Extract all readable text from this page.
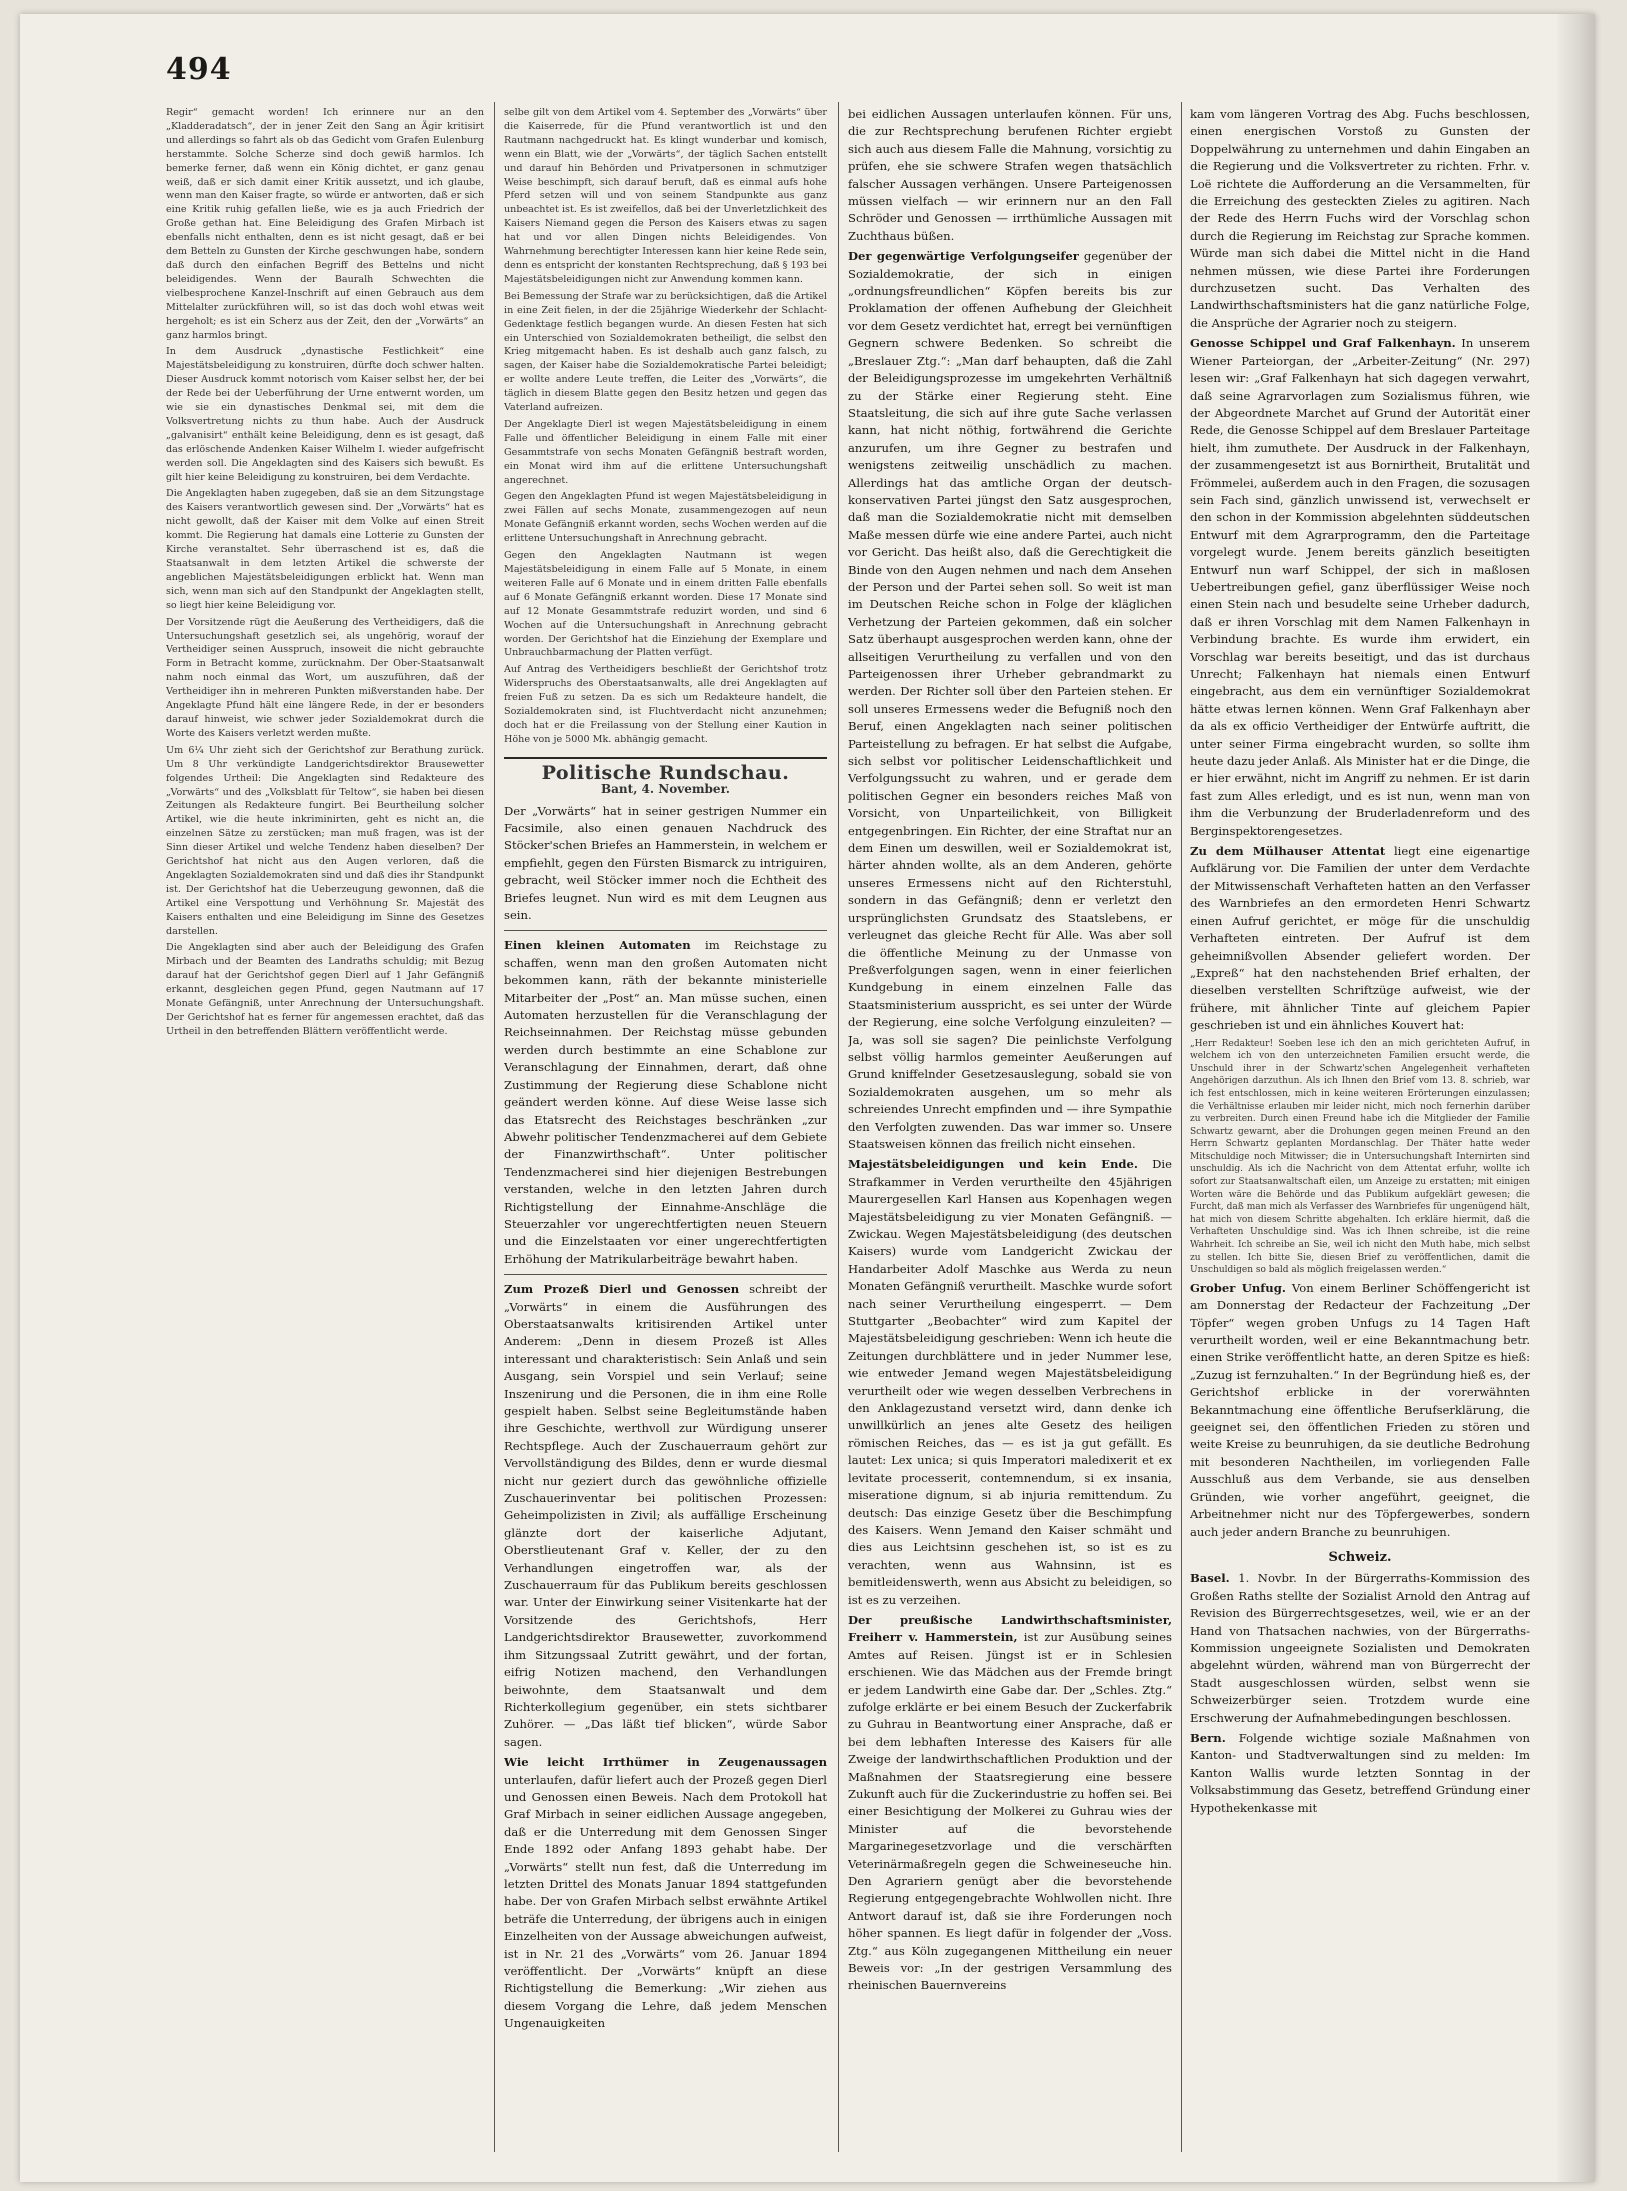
494

Regir“ gemacht worden! Ich erinnere nur an den „Kladderadatsch“, der in jener Zeit den Sang an Ägir kritisirt und allerdings so fahrt als ob das Gedicht vom Grafen Eulenburg herstammte. Solche Scherze sind doch gewiß harmlos. Ich bemerke ferner, daß wenn ein König dichtet, er ganz genau weiß, daß er sich damit einer Kritik aussetzt, und ich glaube, wenn man den Kaiser fragte, so würde er antworten, daß er sich eine Kritik ruhig gefallen ließe, wie es ja auch Friedrich der Große gethan hat. Eine Beleidigung des Grafen Mirbach ist ebenfalls nicht enthalten, denn es ist nicht gesagt, daß er bei dem Betteln zu Gunsten der Kirche geschwungen habe, sondern daß durch den einfachen Begriff des Bettelns und nicht beleidigendes. Wenn der Bauralh Schwechten die vielbesprochene Kanzel-Inschrift auf einen Gebrauch aus dem Mittelalter zurückführen will, so ist das doch wohl etwas weit hergeholt; es ist ein Scherz aus der Zeit, den der „Vorwärts“ an ganz harmlos bringt.

In dem Ausdruck „dynastische Festlichkeit“ eine Majestätsbeleidigung zu konstruiren, dürfte doch schwer halten. Dieser Ausdruck kommt notorisch vom Kaiser selbst her, der bei der Rede bei der Ueberführung der Urne entwernt worden, um wie sie ein dynastisches Denkmal sei, mit dem die Volksvertretung nichts zu thun habe. Auch der Ausdruck „galvanisirt“ enthält keine Beleidigung, denn es ist gesagt, daß das erlöschende Andenken Kaiser Wilhelm I. wieder aufgefrischt werden soll. Die Angeklagten sind des Kaisers sich bewußt. Es gilt hier keine Beleidigung zu konstruiren, bei dem Verdachte.

Die Angeklagten haben zugegeben, daß sie an dem Sitzungstage des Kaisers verantwortlich gewesen sind. Der „Vorwärts“ hat es nicht gewollt, daß der Kaiser mit dem Volke auf einen Streit kommt. Die Regierung hat damals eine Lotterie zu Gunsten der Kirche veranstaltet. Sehr überraschend ist es, daß die Staatsanwalt in dem letzten Artikel die schwerste der angeblichen Majestätsbeleidigungen erblickt hat. Wenn man sich, wenn man sich auf den Standpunkt der Angeklagten stellt, so liegt hier keine Beleidigung vor.

Der Vorsitzende rügt die Aeußerung des Vertheidigers, daß die Untersuchungshaft gesetzlich sei, als ungehörig, worauf der Vertheidiger seinen Ausspruch, insoweit die nicht gebrauchte Form in Betracht komme, zurücknahm. Der Ober-Staatsanwalt nahm noch einmal das Wort, um auszuführen, daß der Vertheidiger ihn in mehreren Punkten mißverstanden habe. Der Angeklagte Pfund hält eine längere Rede, in der er besonders darauf hinweist, wie schwer jeder Sozialdemokrat durch die Worte des Kaisers verletzt werden mußte.

Um 6¼ Uhr zieht sich der Gerichtshof zur Berathung zurück. Um 8 Uhr verkündigte Landgerichtsdirektor Brausewetter folgendes Urtheil: Die Angeklagten sind Redakteure des „Vorwärts“ und des „Volksblatt für Teltow“, sie haben bei diesen Zeitungen als Redakteure fungirt. Bei Beurtheilung solcher Artikel, wie die heute inkriminirten, geht es nicht an, die einzelnen Sätze zu zerstücken; man muß fragen, was ist der Sinn dieser Artikel und welche Tendenz haben dieselben? Der Gerichtshof hat nicht aus den Augen verloren, daß die Angeklagten Sozialdemokraten sind und daß dies ihr Standpunkt ist. Der Gerichtshof hat die Ueberzeugung gewonnen, daß die Artikel eine Verspottung und Verhöhnung Sr. Majestät des Kaisers enthalten und eine Beleidigung im Sinne des Gesetzes darstellen.

Die Angeklagten sind aber auch der Beleidigung des Grafen Mirbach und der Beamten des Landraths schuldig; mit Bezug darauf hat der Gerichtshof gegen Dierl auf 1 Jahr Gefängniß erkannt, desgleichen gegen Pfund, gegen Nautmann auf 17 Monate Gefängniß, unter Anrechnung der Untersuchungshaft. Der Gerichtshof hat es ferner für angemessen erachtet, daß das Urtheil in den betreffenden Blättern veröffentlicht werde.

selbe gilt von dem Artikel vom 4. September des „Vorwärts“ über die Kaiserrede, für die Pfund verantwortlich ist und den Rautmann nachgedruckt hat. Es klingt wunderbar und komisch, wenn ein Blatt, wie der „Vorwärts“, der täglich Sachen entstellt und darauf hin Behörden und Privatpersonen in schmutziger Weise beschimpft, sich darauf beruft, daß es einmal aufs hohe Pferd setzen will und von seinem Standpunkte aus ganz unbeachtet ist. Es ist zweifellos, daß bei der Unverletzlichkeit des Kaisers Niemand gegen die Person des Kaisers etwas zu sagen hat und vor allen Dingen nichts Beleidigendes. Von Wahrnehmung berechtigter Interessen kann hier keine Rede sein, denn es entspricht der konstanten Rechtsprechung, daß § 193 bei Majestätsbeleidigungen nicht zur Anwendung kommen kann.

Bei Bemessung der Strafe war zu berücksichtigen, daß die Artikel in eine Zeit fielen, in der die 25jährige Wiederkehr der Schlacht-Gedenktage festlich begangen wurde. An diesen Festen hat sich ein Unterschied von Sozialdemokraten betheiligt, die selbst den Krieg mitgemacht haben. Es ist deshalb auch ganz falsch, zu sagen, der Kaiser habe die Sozialdemokratische Partei beleidigt; er wollte andere Leute treffen, die Leiter des „Vorwärts“, die täglich in diesem Blatte gegen den Besitz hetzen und gegen das Vaterland aufreizen.

Der Angeklagte Dierl ist wegen Majestätsbeleidigung in einem Falle und öffentlicher Beleidigung in einem Falle mit einer Gesammtstrafe von sechs Monaten Gefängniß bestraft worden, ein Monat wird ihm auf die erlittene Untersuchungshaft angerechnet.

Gegen den Angeklagten Pfund ist wegen Majestätsbeleidigung in zwei Fällen auf sechs Monate, zusammengezogen auf neun Monate Gefängniß erkannt worden, sechs Wochen werden auf die erlittene Untersuchungshaft in Anrechnung gebracht.

Gegen den Angeklagten Nautmann ist wegen Majestätsbeleidigung in einem Falle auf 5 Monate, in einem weiteren Falle auf 6 Monate und in einem dritten Falle ebenfalls auf 6 Monate Gefängniß erkannt worden. Diese 17 Monate sind auf 12 Monate Gesammtstrafe reduzirt worden, und sind 6 Wochen auf die Untersuchungshaft in Anrechnung gebracht worden. Der Gerichtshof hat die Einziehung der Exemplare und Unbrauchbarmachung der Platten verfügt.

Auf Antrag des Vertheidigers beschließt der Gerichtshof trotz Widerspruchs des Oberstaatsanwalts, alle drei Angeklagten auf freien Fuß zu setzen. Da es sich um Redakteure handelt, die Sozialdemokraten sind, ist Fluchtverdacht nicht anzunehmen; doch hat er die Freilassung von der Stellung einer Kaution in Höhe von je 5000 Mk. abhängig gemacht.

Politische Rundschau.
Bant, 4. November.

Der „Vorwärts“ hat in seiner gestrigen Nummer ein Facsimile, also einen genauen Nachdruck des Stöcker'schen Briefes an Hammerstein, in welchem er empfiehlt, gegen den Fürsten Bismarck zu intriguiren, gebracht, weil Stöcker immer noch die Echtheit des Briefes leugnet. Nun wird es mit dem Leugnen aus sein.

Einen kleinen Automaten im Reichstage zu schaffen, wenn man den großen Automaten nicht bekommen kann, räth der bekannte ministerielle Mitarbeiter der „Post“ an. Man müsse suchen, einen Automaten herzustellen für die Veranschlagung der Reichseinnahmen. Der Reichstag müsse gebunden werden durch bestimmte an eine Schablone zur Veranschlagung der Einnahmen, derart, daß ohne Zustimmung der Regierung diese Schablone nicht geändert werden könne. Auf diese Weise lasse sich das Etatsrecht des Reichstages beschränken „zur Abwehr politischer Tendenzmacherei auf dem Gebiete der Finanzwirthschaft“. Unter politischer Tendenzmacherei sind hier diejenigen Bestrebungen verstanden, welche in den letzten Jahren durch Richtigstellung der Einnahme-Anschläge die Steuerzahler vor ungerechtfertigten neuen Steuern und die Einzelstaaten vor einer ungerechtfertigten Erhöhung der Matrikularbeiträge bewahrt haben.

Zum Prozeß Dierl und Genossen schreibt der „Vorwärts“ in einem die Ausführungen des Oberstaatsanwalts kritisirenden Artikel unter Anderem: „Denn in diesem Prozeß ist Alles interessant und charakteristisch: Sein Anlaß und sein Ausgang, sein Vorspiel und sein Verlauf; seine Inszenirung und die Personen, die in ihm eine Rolle gespielt haben. Selbst seine Begleitumstände haben ihre Geschichte, werthvoll zur Würdigung unserer Rechtspflege. Auch der Zuschauerraum gehört zur Vervollständigung des Bildes, denn er wurde diesmal nicht nur geziert durch das gewöhnliche offizielle Zuschauerinventar bei politischen Prozessen: Geheimpolizisten in Zivil; als auffällige Erscheinung glänzte dort der kaiserliche Adjutant, Oberstlieutenant Graf v. Keller, der zu den Verhandlungen eingetroffen war, als der Zuschauerraum für das Publikum bereits geschlossen war. Unter der Einwirkung seiner Visitenkarte hat der Vorsitzende des Gerichtshofs, Herr Landgerichtsdirektor Brausewetter, zuvorkommend ihm Sitzungssaal Zutritt gewährt, und der fortan, eifrig Notizen machend, den Verhandlungen beiwohnte, dem Staatsanwalt und dem Richterkollegium gegenüber, ein stets sichtbarer Zuhörer. — „Das läßt tief blicken“, würde Sabor sagen.

Wie leicht Irrthümer in Zeugenaussagen unterlaufen, dafür liefert auch der Prozeß gegen Dierl und Genossen einen Beweis. Nach dem Protokoll hat Graf Mirbach in seiner eidlichen Aussage angegeben, daß er die Unterredung mit dem Genossen Singer Ende 1892 oder Anfang 1893 gehabt habe. Der „Vorwärts“ stellt nun fest, daß die Unterredung im letzten Drittel des Monats Januar 1894 stattgefunden habe. Der von Grafen Mirbach selbst erwähnte Artikel beträfe die Unterredung, der übrigens auch in einigen Einzelheiten von der Aussage abweichungen aufweist, ist in Nr. 21 des „Vorwärts“ vom 26. Januar 1894 veröffentlicht. Der „Vorwärts“ knüpft an diese Richtigstellung die Bemerkung: „Wir ziehen aus diesem Vorgang die Lehre, daß jedem Menschen Ungenauigkeiten

bei eidlichen Aussagen unterlaufen können. Für uns, die zur Rechtsprechung berufenen Richter ergiebt sich auch aus diesem Falle die Mahnung, vorsichtig zu prüfen, ehe sie schwere Strafen wegen thatsächlich falscher Aussagen verhängen. Unsere Parteigenossen müssen vielfach — wir erinnern nur an den Fall Schröder und Genossen — irrthümliche Aussagen mit Zuchthaus büßen.

Der gegenwärtige Verfolgungseifer gegenüber der Sozialdemokratie, der sich in einigen „ordnungsfreundlichen“ Köpfen bereits bis zur Proklamation der offenen Aufhebung der Gleichheit vor dem Gesetz verdichtet hat, erregt bei vernünftigen Gegnern schwere Bedenken. So schreibt die „Breslauer Ztg.“: „Man darf behaupten, daß die Zahl der Beleidigungsprozesse im umgekehrten Verhältniß zu der Stärke einer Regierung steht. Eine Staatsleitung, die sich auf ihre gute Sache verlassen kann, hat nicht nöthig, fortwährend die Gerichte anzurufen, um ihre Gegner zu bestrafen und wenigstens zeitweilig unschädlich zu machen. Allerdings hat das amtliche Organ der deutsch-konservativen Partei jüngst den Satz ausgesprochen, daß man die Sozialdemokratie nicht mit demselben Maße messen dürfe wie eine andere Partei, auch nicht vor Gericht. Das heißt also, daß die Gerechtigkeit die Binde von den Augen nehmen und nach dem Ansehen der Person und der Partei sehen soll. So weit ist man im Deutschen Reiche schon in Folge der kläglichen Verhetzung der Parteien gekommen, daß ein solcher Satz überhaupt ausgesprochen werden kann, ohne der allseitigen Verurtheilung zu verfallen und von den Parteigenossen ihrer Urheber gebrandmarkt zu werden. Der Richter soll über den Parteien stehen. Er soll unseres Ermessens weder die Befugniß noch den Beruf, einen Angeklagten nach seiner politischen Parteistellung zu befragen. Er hat selbst die Aufgabe, sich selbst vor politischer Leidenschaftlichkeit und Verfolgungssucht zu wahren, und er gerade dem politischen Gegner ein besonders reiches Maß von Vorsicht, von Unparteilichkeit, von Billigkeit entgegenbringen. Ein Richter, der eine Straftat nur an dem Einen um deswillen, weil er Sozialdemokrat ist, härter ahnden wollte, als an dem Anderen, gehörte unseres Ermessens nicht auf den Richterstuhl, sondern in das Gefängniß; denn er verletzt den ursprünglichsten Grundsatz des Staatslebens, er verleugnet das gleiche Recht für Alle. Was aber soll die öffentliche Meinung zu der Unmasse von Preßverfolgungen sagen, wenn in einer feierlichen Kundgebung in einem einzelnen Falle das Staatsministerium ausspricht, es sei unter der Würde der Regierung, eine solche Verfolgung einzuleiten? — Ja, was soll sie sagen? Die peinlichste Verfolgung selbst völlig harmlos gemeinter Aeußerungen auf Grund kniffelnder Gesetzesauslegung, sobald sie von Sozialdemokraten ausgehen, um so mehr als schreiendes Unrecht empfinden und — ihre Sympathie den Verfolgten zuwenden. Das war immer so. Unsere Staatsweisen können das freilich nicht einsehen.

Majestätsbeleidigungen und kein Ende. Die Strafkammer in Verden verurtheilte den 45jährigen Maurergesellen Karl Hansen aus Kopenhagen wegen Majestätsbeleidigung zu vier Monaten Gefängniß. — Zwickau. Wegen Majestätsbeleidigung (des deutschen Kaisers) wurde vom Landgericht Zwickau der Handarbeiter Adolf Maschke aus Werda zu neun Monaten Gefängniß verurtheilt. Maschke wurde sofort nach seiner Verurtheilung eingesperrt. — Dem Stuttgarter „Beobachter“ wird zum Kapitel der Majestätsbeleidigung geschrieben: Wenn ich heute die Zeitungen durchblättere und in jeder Nummer lese, wie entweder Jemand wegen Majestätsbeleidigung verurtheilt oder wie wegen desselben Verbrechens in den Anklagezustand versetzt wird, dann denke ich unwillkürlich an jenes alte Gesetz des heiligen römischen Reiches, das — es ist ja gut gefällt. Es lautet: Lex unica; si quis Imperatori maledixerit et ex levitate processerit, contemnendum, si ex insania, miseratione dignum, si ab injuria remittendum. Zu deutsch: Das einzige Gesetz über die Beschimpfung des Kaisers. Wenn Jemand den Kaiser schmäht und dies aus Leichtsinn geschehen ist, so ist es zu verachten, wenn aus Wahnsinn, ist es bemitleidenswerth, wenn aus Absicht zu beleidigen, so ist es zu verzeihen.

Der preußische Landwirthschaftsminister, Freiherr v. Hammerstein, ist zur Ausübung seines Amtes auf Reisen. Jüngst ist er in Schlesien erschienen. Wie das Mädchen aus der Fremde bringt er jedem Landwirth eine Gabe dar. Der „Schles. Ztg.“ zufolge erklärte er bei einem Besuch der Zuckerfabrik zu Guhrau in Beantwortung einer Ansprache, daß er bei dem lebhaften Interesse des Kaisers für alle Zweige der landwirthschaftlichen Produktion und der Maßnahmen der Staatsregierung eine bessere Zukunft auch für die Zuckerindustrie zu hoffen sei. Bei einer Besichtigung der Molkerei zu Guhrau wies der Minister auf die bevorstehende Margarinegesetzvorlage und die verschärften Veterinärmaßregeln gegen die Schweineseuche hin. Den Agrariern genügt aber die bevorstehende Regierung entgegengebrachte Wohlwollen nicht. Ihre Antwort darauf ist, daß sie ihre Forderungen noch höher spannen. Es liegt dafür in folgender der „Voss. Ztg.“ aus Köln zugegangenen Mittheilung ein neuer Beweis vor: „In der gestrigen Versammlung des rheinischen Bauernvereins

kam vom längeren Vortrag des Abg. Fuchs beschlossen, einen energischen Vorstoß zu Gunsten der Doppelwährung zu unternehmen und dahin Eingaben an die Regierung und die Volksvertreter zu richten. Frhr. v. Loë richtete die Aufforderung an die Versammelten, für die Erreichung des gesteckten Zieles zu agitiren. Nach der Rede des Herrn Fuchs wird der Vorschlag schon durch die Regierung im Reichstag zur Sprache kommen. Würde man sich dabei die Mittel nicht in die Hand nehmen müssen, wie diese Partei ihre Forderungen durchzusetzen sucht. Das Verhalten des Landwirthschaftsministers hat die ganz natürliche Folge, die Ansprüche der Agrarier noch zu steigern.

Genosse Schippel und Graf Falkenhayn. In unserem Wiener Parteiorgan, der „Arbeiter-Zeitung“ (Nr. 297) lesen wir: „Graf Falkenhayn hat sich dagegen verwahrt, daß seine Agrarvorlagen zum Sozialismus führen, wie der Abgeordnete Marchet auf Grund der Autorität einer Rede, die Genosse Schippel auf dem Breslauer Parteitage hielt, ihm zumuthete. Der Ausdruck in der Falkenhayn, der zusammengesetzt ist aus Bornirtheit, Brutalität und Frömmelei, außerdem auch in den Fragen, die sozusagen sein Fach sind, gänzlich unwissend ist, verwechselt er den schon in der Kommission abgelehnten süddeutschen Entwurf mit dem Agrarprogramm, den die Parteitage vorgelegt wurde. Jenem bereits gänzlich beseitigten Entwurf nun warf Schippel, der sich in maßlosen Uebertreibungen gefiel, ganz überflüssiger Weise noch einen Stein nach und besudelte seine Urheber dadurch, daß er ihren Vorschlag mit dem Namen Falkenhayn in Verbindung brachte. Es wurde ihm erwidert, ein Vorschlag war bereits beseitigt, und das ist durchaus Unrecht; Falkenhayn hat niemals einen Entwurf eingebracht, aus dem ein vernünftiger Sozialdemokrat hätte etwas lernen können. Wenn Graf Falkenhayn aber da als ex officio Vertheidiger der Entwürfe auftritt, die unter seiner Firma eingebracht wurden, so sollte ihm heute dazu jeder Anlaß. Als Minister hat er die Dinge, die er hier erwähnt, nicht im Angriff zu nehmen. Er ist darin fast zum Alles erledigt, und es ist nun, wenn man von ihm die Verbunzung der Bruderladenreform und des Berginspektorengesetzes.

Zu dem Mülhauser Attentat liegt eine eigenartige Aufklärung vor. Die Familien der unter dem Verdachte der Mitwissenschaft Verhafteten hatten an den Verfasser des Warnbriefes an den ermordeten Henri Schwartz einen Aufruf gerichtet, er möge für die unschuldig Verhafteten eintreten. Der Aufruf ist dem geheimnißvollen Absender geliefert worden. Der „Expreß“ hat den nachstehenden Brief erhalten, der dieselben verstellten Schriftzüge aufweist, wie der frühere, mit ähnlicher Tinte auf gleichem Papier geschrieben ist und ein ähnliches Kouvert hat:

„Herr Redakteur! Soeben lese ich den an mich gerichteten Aufruf, in welchem ich von den unterzeichneten Familien ersucht werde, die Unschuld ihrer in der Schwartz'schen Angelegenheit verhafteten Angehörigen darzuthun. Als ich Ihnen den Brief vom 13. 8. schrieb, war ich fest entschlossen, mich in keine weiteren Erörterungen einzulassen; die Verhältnisse erlauben mir leider nicht, mich noch fernerhin darüber zu verbreiten. Durch einen Freund habe ich die Mitglieder der Familie Schwartz gewarnt, aber die Drohungen gegen meinen Freund an den Herrn Schwartz geplanten Mordanschlag. Der Thäter hatte weder Mitschuldige noch Mitwisser; die in Untersuchungshaft Internirten sind unschuldig. Als ich die Nachricht von dem Attentat erfuhr, wollte ich sofort zur Staatsanwaltschaft eilen, um Anzeige zu erstatten; mit einigen Worten wäre die Behörde und das Publikum aufgeklärt gewesen; die Furcht, daß man mich als Verfasser des Warnbriefes für ungenügend hält, hat mich von diesem Schritte abgehalten. Ich erkläre hiermit, daß die Verhafteten Unschuldige sind. Was ich Ihnen schreibe, ist die reine Wahrheit. Ich schreibe an Sie, weil ich nicht den Muth habe, mich selbst zu stellen. Ich bitte Sie, diesen Brief zu veröffentlichen, damit die Unschuldigen so bald als möglich freigelassen werden.“

Grober Unfug. Von einem Berliner Schöffengericht ist am Donnerstag der Redacteur der Fachzeitung „Der Töpfer“ wegen groben Unfugs zu 14 Tagen Haft verurtheilt worden, weil er eine Bekanntmachung betr. einen Strike veröffentlicht hatte, an deren Spitze es hieß: „Zuzug ist fernzuhalten.“ In der Begründung hieß es, der Gerichtshof erblicke in der vorerwähnten Bekanntmachung eine öffentliche Berufserklärung, die geeignet sei, den öffentlichen Frieden zu stören und weite Kreise zu beunruhigen, da sie deutliche Bedrohung mit besonderen Nachtheilen, im vorliegenden Falle Ausschluß aus dem Verbande, sie aus denselben Gründen, wie vorher angeführt, geeignet, die Arbeitnehmer nicht nur des Töpfergewerbes, sondern auch jeder andern Branche zu beunruhigen.

Schweiz.

Basel. 1. Novbr. In der Bürgerraths-Kommission des Großen Raths stellte der Sozialist Arnold den Antrag auf Revision des Bürgerrechtsgesetzes, weil, wie er an der Hand von Thatsachen nachwies, von der Bürgerraths-Kommission ungeeignete Sozialisten und Demokraten abgelehnt würden, während man von Bürgerrecht der Stadt ausgeschlossen würden, selbst wenn sie Schweizerbürger seien. Trotzdem wurde eine Erschwerung der Aufnahmebedingungen beschlossen.

Bern. Folgende wichtige soziale Maßnahmen von Kanton- und Stadtverwaltungen sind zu melden: Im Kanton Wallis wurde letzten Sonntag in der Volksabstimmung das Gesetz, betreffend Gründung einer Hypothekenkasse mit
